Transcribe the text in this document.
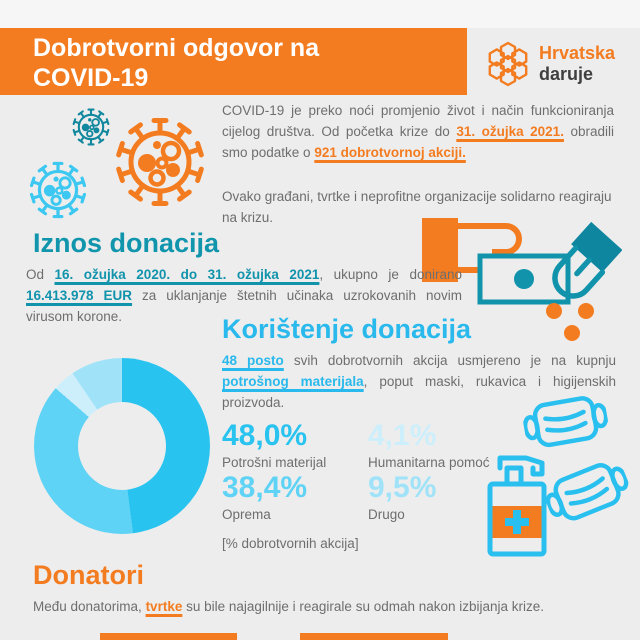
Dobrotvorni odgovor na
COVID-19
Hrvatska
daruje
COVID-19 je preko noći promjenio život i način funkcioniranja cijelog društva. Od početka krize do 31. ožujka 2021. obradili smo podatke o 921 dobrotvornoj akciji.
Ovako građani, tvrtke i neprofitne organizacije solidarno reagiraju na krizu.
Iznos donacija
Od 16. ožujka 2020. do 31. ožujka 2021, ukupno je donirano 16.413.978 EUR za uklanjanje štetnih učinaka uzrokovanih novim virusom korone.	Korištenje donacija
48 posto svih dobrotvornih akcija usmjereno je na kupnju potrošnog materijala, poput maski, rukavica i higijenskih proizvoda.
48,0%
Potrošni materijal
4,1%
Humanitarna pomoć
38,4%
Oprema
9,5%
Drugo
[% dobrotvornih akcija]
Donatori
Među donatorima, tvrtke su bile najagilnije i reagirale su odmah nakon izbijanja krize.
